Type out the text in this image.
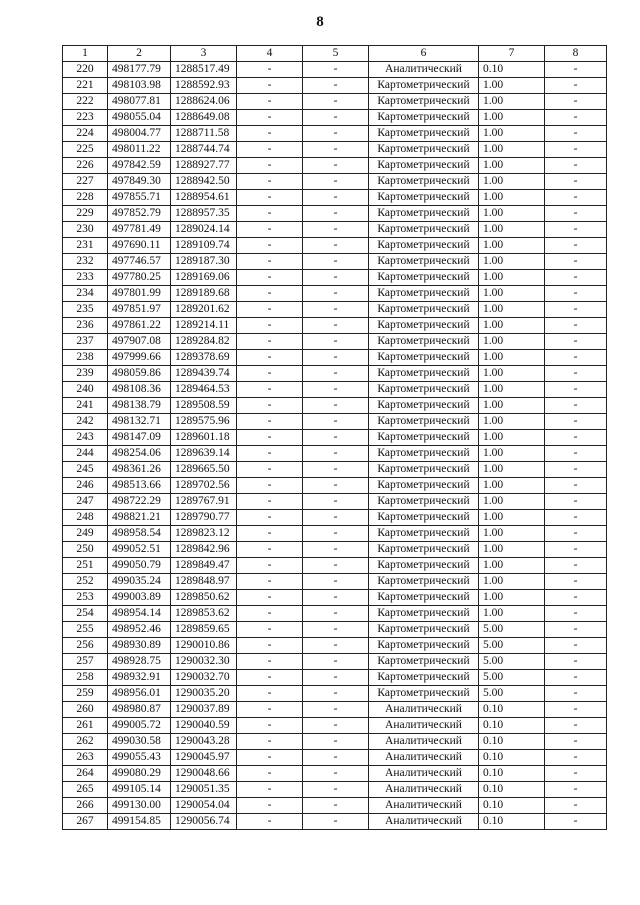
8
1	2	3	4	5	6	7	8
220	498177.79	1288517.49	-	-	Аналитический	0.10	-
221	498103.98	1288592.93	-	-	Картометрический	1.00	-
222	498077.81	1288624.06	-	-	Картометрический	1.00	-
223	498055.04	1288649.08	-	-	Картометрический	1.00	-
224	498004.77	1288711.58	-	-	Картометрический	1.00	-
225	498011.22	1288744.74	-	-	Картометрический	1.00	-
226	497842.59	1288927.77	-	-	Картометрический	1.00	-
227	497849.30	1288942.50	-	-	Картометрический	1.00	-
228	497855.71	1288954.61	-	-	Картометрический	1.00	-
229	497852.79	1288957.35	-	-	Картометрический	1.00	-
230	497781.49	1289024.14	-	-	Картометрический	1.00	-
231	497690.11	1289109.74	-	-	Картометрический	1.00	-
232	497746.57	1289187.30	-	-	Картометрический	1.00	-
233	497780.25	1289169.06	-	-	Картометрический	1.00	-
234	497801.99	1289189.68	-	-	Картометрический	1.00	-
235	497851.97	1289201.62	-	-	Картометрический	1.00	-
236	497861.22	1289214.11	-	-	Картометрический	1.00	-
237	497907.08	1289284.82	-	-	Картометрический	1.00	-
238	497999.66	1289378.69	-	-	Картометрический	1.00	-
239	498059.86	1289439.74	-	-	Картометрический	1.00	-
240	498108.36	1289464.53	-	-	Картометрический	1.00	-
241	498138.79	1289508.59	-	-	Картометрический	1.00	-
242	498132.71	1289575.96	-	-	Картометрический	1.00	-
243	498147.09	1289601.18	-	-	Картометрический	1.00	-
244	498254.06	1289639.14	-	-	Картометрический	1.00	-
245	498361.26	1289665.50	-	-	Картометрический	1.00	-
246	498513.66	1289702.56	-	-	Картометрический	1.00	-
247	498722.29	1289767.91	-	-	Картометрический	1.00	-
248	498821.21	1289790.77	-	-	Картометрический	1.00	-
249	498958.54	1289823.12	-	-	Картометрический	1.00	-
250	499052.51	1289842.96	-	-	Картометрический	1.00	-
251	499050.79	1289849.47	-	-	Картометрический	1.00	-
252	499035.24	1289848.97	-	-	Картометрический	1.00	-
253	499003.89	1289850.62	-	-	Картометрический	1.00	-
254	498954.14	1289853.62	-	-	Картометрический	1.00	-
255	498952.46	1289859.65	-	-	Картометрический	5.00	-
256	498930.89	1290010.86	-	-	Картометрический	5.00	-
257	498928.75	1290032.30	-	-	Картометрический	5.00	-
258	498932.91	1290032.70	-	-	Картометрический	5.00	-
259	498956.01	1290035.20	-	-	Картометрический	5.00	-
260	498980.87	1290037.89	-	-	Аналитический	0.10	-
261	499005.72	1290040.59	-	-	Аналитический	0.10	-
262	499030.58	1290043.28	-	-	Аналитический	0.10	-
263	499055.43	1290045.97	-	-	Аналитический	0.10	-
264	499080.29	1290048.66	-	-	Аналитический	0.10	-
265	499105.14	1290051.35	-	-	Аналитический	0.10	-
266	499130.00	1290054.04	-	-	Аналитический	0.10	-
267	499154.85	1290056.74	-	-	Аналитический	0.10	-
